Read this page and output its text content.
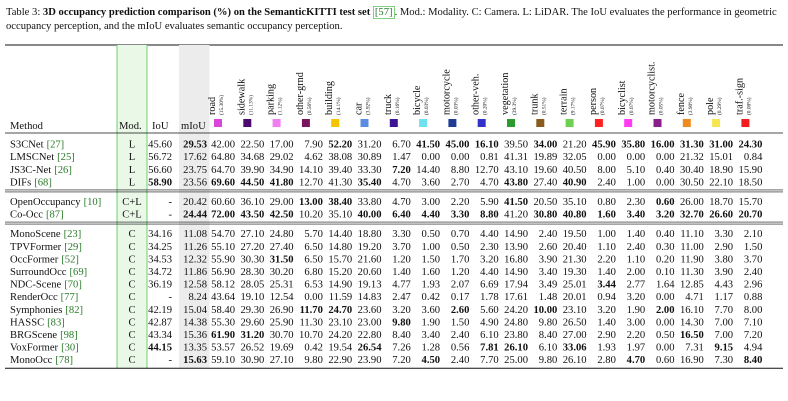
Table 3: 3D occupancy prediction comparison (%) on the SemanticKITTI test set [57] . Mod.: Modality. C: Camera. L: LiDAR. The IoU evaluates the performance in geometric occupancy perception, and the mIoU evaluates semantic occupancy perception.
Method	Mod. IoU mIoU
road (15.30%) sidewalk (11.13%) parking (1.12%) other-grnd (0.56%) building (14.1%) car (3.92%) truck (0.16%) bicycle (0.03%) motorcycle (0.03%) other-veh. (0.20%) vegetation (39.3%) trunk (0.51%) terrain (9.17%) person (0.07%) bicyclist (0.07%) motorcyclist. (0.05%) fence (3.90%) pole (0.29%) traf.-sign (0.08%)
S3CNet [27]	L 45.60 29.53 42.00 22.50 17.00 7.90 52.20 31.20 6.70 41.50 45.00 16.10 39.50 34.00 21.20 45.90 35.80 16.00 31.30 31.00 24.30
LMSCNet [25]	L 56.72 17.62 64.80 34.68 29.02 4.62 38.08 30.89 1.47 0.00 0.00 0.81 41.31 19.89 32.05 0.00 0.00 0.00 21.32 15.01 0.84
JS3C-Net [26]	L 56.60 23.75 64.70 39.90 34.90 14.10 39.40 33.30 7.20 14.40 8.80 12.70 43.10 19.60 40.50 8.00 5.10 0.40 30.40 18.90 15.90
DIFs [68]	L 58.90 23.56 69.60 44.50 41.80 12.70 41.30 35.40 4.70 3.60 2.70 4.70 43.80 27.40 40.90 2.40 1.00 0.00 30.50 22.10 18.50
OpenOccupancy [10] C+L	- 20.42 60.60 36.10 29.00 13.00 38.40 33.80 4.70 3.00 2.20 5.90 41.50 20.50 35.10 0.80 2.30 0.60 26.00 18.70 15.70
Co-Occ [87]	C+L	- 24.44 72.00 43.50 42.50 10.20 35.10 40.00 6.40 4.40 3.30 8.80 41.20 30.80 40.80 1.60 3.40 3.20 32.70 26.60 20.70
MonoScene [23]	C 34.16 11.08 54.70 27.10 24.80 5.70 14.40 18.80 3.30 0.50 0.70 4.40 14.90 2.40 19.50 1.00 1.40 0.40 11.10 3.30 2.10
TPVFormer [29]	C 34.25 11.26 55.10 27.20 27.40 6.50 14.80 19.20 3.70 1.00 0.50 2.30 13.90 2.60 20.40 1.10 2.40 0.30 11.00 2.90 1.50
OccFormer [52]	C 34.53 12.32 55.90 30.30 31.50 6.50 15.70 21.60 1.20 1.50 1.70 3.20 16.80 3.90 21.30 2.20 1.10 0.20 11.90 3.80 3.70
SurroundOcc [69]	C 34.72 11.86 56.90 28.30 30.20 6.80 15.20 20.60 1.40 1.60 1.20 4.40 14.90 3.40 19.30 1.40 2.00 0.10 11.30 3.90 2.40
NDC-Scene [70]	C 36.19 12.58 58.12 28.05 25.31 6.53 14.90 19.13 4.77 1.93 2.07 6.69 17.94 3.49 25.01 3.44 2.77 1.64 12.85 4.43 2.96
RenderOcc [77]	C	- 8.24 43.64 19.10 12.54 0.00 11.59 14.83 2.47 0.42 0.17 1.78 17.61 1.48 20.01 0.94 3.20 0.00 4.71 1.17 0.88
Symphonies [82]	C 42.19 15.04 58.40 29.30 26.90 11.70 24.70 23.60 3.20 3.60 2.60 5.60 24.20 10.00 23.10 3.20 1.90 2.00 16.10 7.70 8.00
HASSC [83]	C 42.87 14.38 55.30 29.60 25.90 11.30 23.10 23.00 9.80 1.90 1.50 4.90 24.80 9.80 26.50 1.40 3.00 0.00 14.30 7.00 7.10
BRGScene [98]	C 43.34 15.36 61.90 31.20 30.70 10.70 24.20 22.80 8.40 3.40 2.40 6.10 23.80 8.40 27.00 2.90 2.20 0.50 16.50 7.00 7.20
VoxFormer [30]	C 44.15 13.35 53.57 26.52 19.69 0.42 19.54 26.54 7.26 1.28 0.56 7.81 26.10 6.10 33.06 1.93 1.97 0.00 7.31 9.15 4.94
MonoOcc [78]	C	- 15.63 59.10 30.90 27.10 9.80 22.90 23.90 7.20 4.50 2.40 7.70 25.00 9.80 26.10 2.80 4.70 0.60 16.90 7.30 8.40
